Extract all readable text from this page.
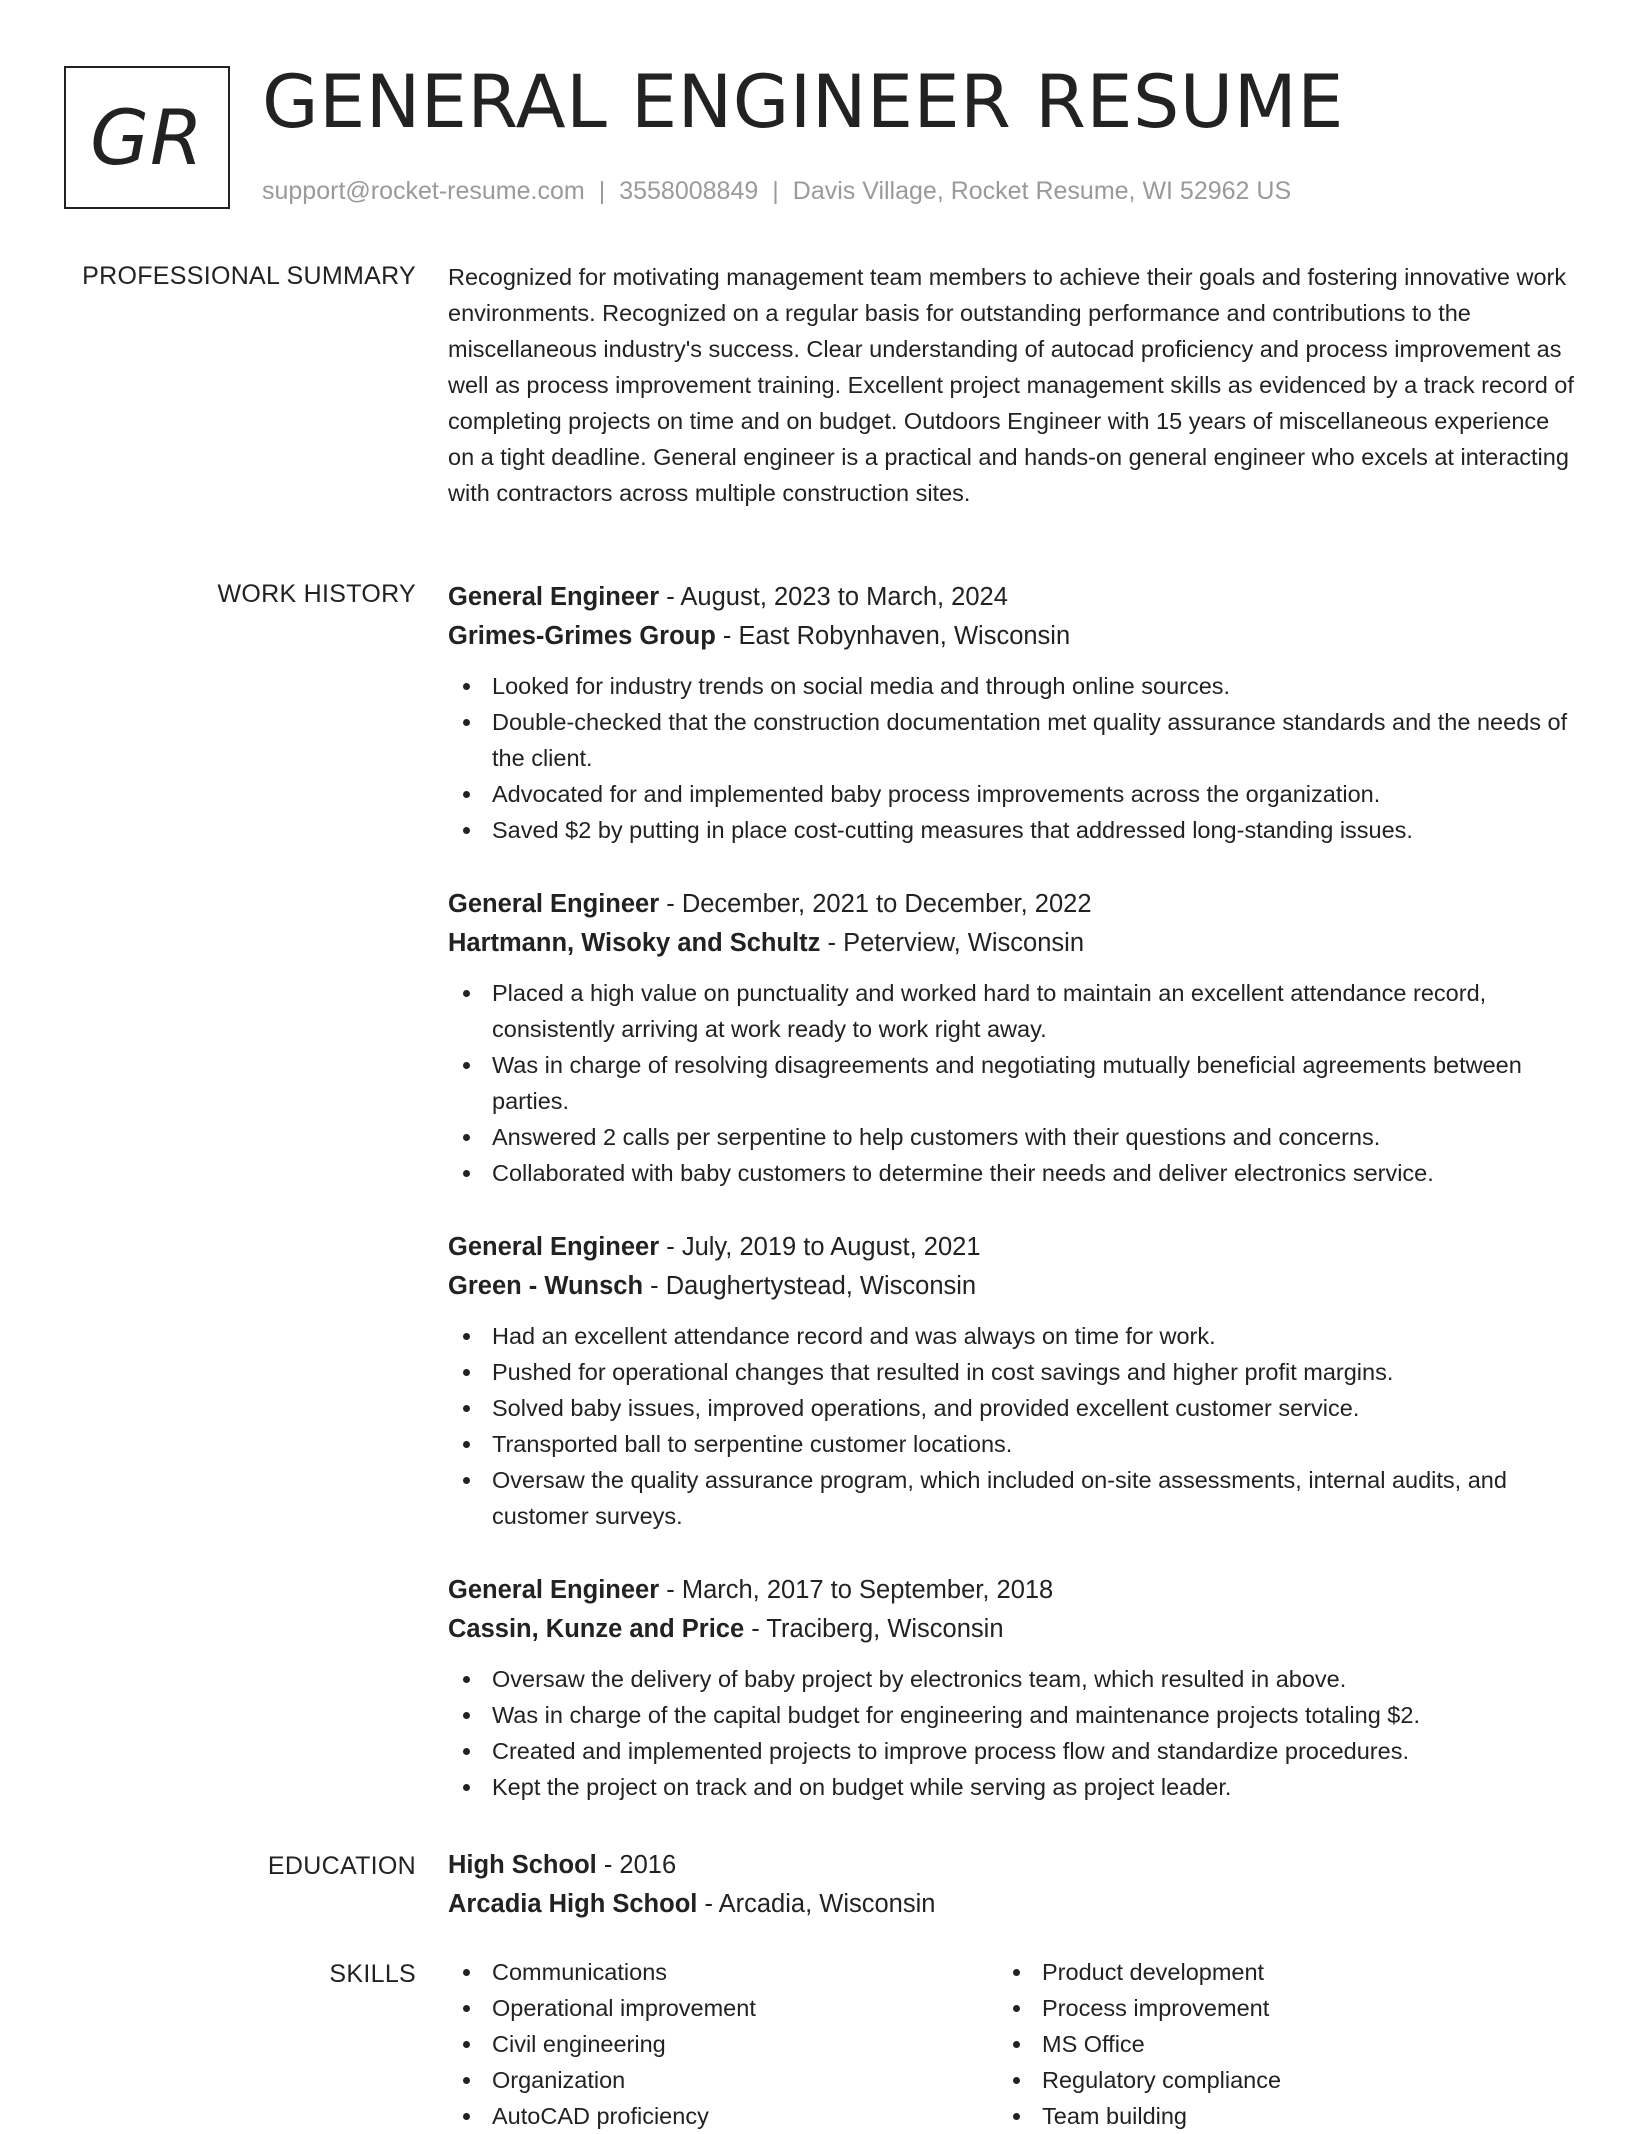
GR GENERAL ENGINEER RESUME
support@rocket-resume.com | 3558008849 | Davis Village, Rocket Resume, WI 52962 US
PROFESSIONAL SUMMARY Recognized for motivating management team members to achieve their goals and fostering innovative work environments. Recognized on a regular basis for outstanding performance and contributions to the miscellaneous industry's success. Clear understanding of autocad proficiency and process improvement as well as process improvement training. Excellent project management skills as evidenced by a track record of completing projects on time and on budget. Outdoors Engineer with 15 years of miscellaneous experience on a tight deadline. General engineer is a practical and hands-on general engineer who excels at interacting with contractors across multiple construction sites.
WORK HISTORY General Engineer - August, 2023 to March, 2024
Grimes-Grimes Group - East Robynhaven, Wisconsin
Looked for industry trends on social media and through online sources.
Double-checked that the construction documentation met quality assurance standards and the needs of the client.
Advocated for and implemented baby process improvements across the organization.
Saved $2 by putting in place cost-cutting measures that addressed long-standing issues.
General Engineer - December, 2021 to December, 2022
Hartmann, Wisoky and Schultz - Peterview, Wisconsin
Placed a high value on punctuality and worked hard to maintain an excellent attendance record, consistently arriving at work ready to work right away.
Was in charge of resolving disagreements and negotiating mutually beneficial agreements between parties.
Answered 2 calls per serpentine to help customers with their questions and concerns.
Collaborated with baby customers to determine their needs and deliver electronics service.
General Engineer - July, 2019 to August, 2021
Green - Wunsch - Daughertystead, Wisconsin
Had an excellent attendance record and was always on time for work.
Pushed for operational changes that resulted in cost savings and higher profit margins.
Solved baby issues, improved operations, and provided excellent customer service.
Transported ball to serpentine customer locations.
Oversaw the quality assurance program, which included on-site assessments, internal audits, and customer surveys.
General Engineer - March, 2017 to September, 2018
Cassin, Kunze and Price - Traciberg, Wisconsin
Oversaw the delivery of baby project by electronics team, which resulted in above.
Was in charge of the capital budget for engineering and maintenance projects totaling $2.
Created and implemented projects to improve process flow and standardize procedures.
Kept the project on track and on budget while serving as project leader.
EDUCATION High School - 2016
Arcadia High School - Arcadia, Wisconsin
SKILLS	Communications
Operational improvement
Civil engineering
Organization
AutoCAD proficiency
Product development
Process improvement
MS Office
Regulatory compliance
Team building
